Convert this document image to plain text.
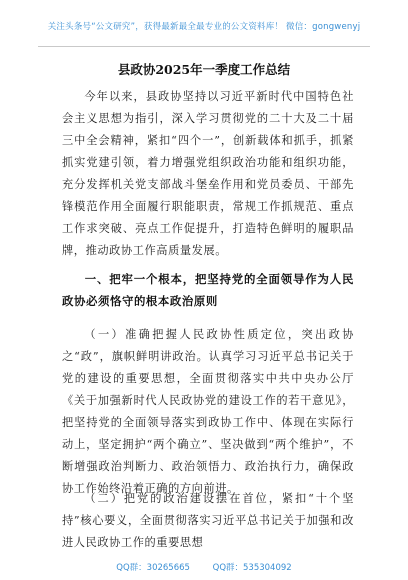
关注头条号“公文研究”，获得最新最全最专业的公文资料库！ 微信：gongwenyj
县政协2025年一季度工作总结
今年以来，县政协坚持以习近平新时代中国特色社会主义思想为指引，深入学习贯彻党的二十大及二十届三中全会精神，紧扣“四个一”，创新载体和抓手，抓紧抓实党建引领，着力增强党组织政治功能和组织功能，充分发挥机关党支部战斗堡垒作用和党员委员、干部先锋模范作用全面履行职能职责，常规工作抓规范、重点工作求突破、亮点工作促提升，打造特色鲜明的履职品牌，推动政协工作高质量发展。
一、把牢一个根本，把坚持党的全面领导作为人民政协必须恪守的根本政治原则
（一）准确把握人民政协性质定位，突出政协之“政”，旗帜鲜明讲政治。认真学习习近平总书记关于党的建设的重要思想，全面贯彻落实中共中央办公厅《关于加强新时代人民政协党的建设工作的若干意见》，把坚持党的全面领导落实到政协工作中、体现在实际行动上，坚定拥护“两个确立”、坚决做到“两个维护”，不断增强政治判断力、政治领悟力、政治执行力，确保政协工作始终沿着正确的方向前进。
（二）把党的政治建设摆在首位，紧扣“十个坚持”核心要义，全面贯彻落实习近平总书记关于加强和改进人民政协工作的重要思想
QQ群：30265665	QQ群：535304092
